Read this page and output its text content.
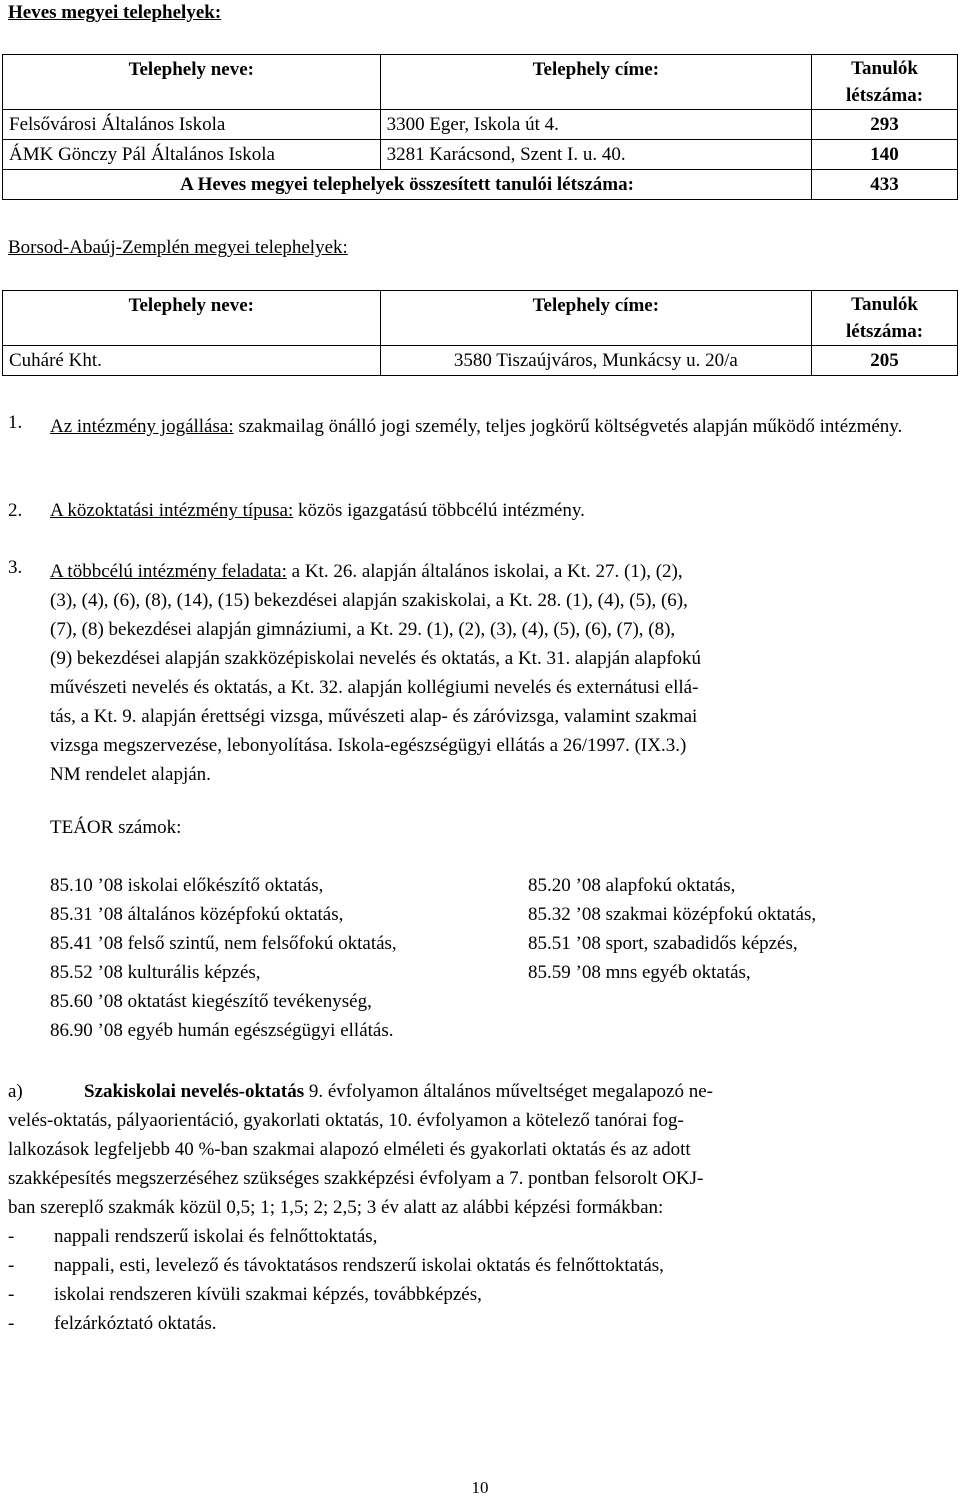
Heves megyei telephelyek:
Telephely neve:	Telephely címe:	Tanulók
létszáma:

Felsővárosi Általános Iskola	3300 Eger, Iskola út 4.	293
ÁMK Gönczy Pál Általános Iskola	3281 Karácsond, Szent I. u. 40.	140
A Heves megyei telephelyek összesített tanulói létszáma:		433
Borsod-Abaúj-Zemplén megyei telephelyek:
Telephely neve:	Telephely címe:	Tanulók
létszáma:

Cuháré Kht.	3580 Tiszaújváros, Munkácsy u. 20/a	205
1. Az intézmény jogállása: szakmailag önálló jogi személy, teljes jogkörű költségvetés alapján működő intézmény.
2. A közoktatási intézmény típusa: közös igazgatású többcélú intézmény.
3. A többcélú intézmény feladata: a Kt. 26. alapján általános iskolai, a Kt. 27. (1), (2),
(3), (4), (6), (8), (14), (15) bekezdései alapján szakiskolai, a Kt. 28. (1), (4), (5), (6),
(7), (8) bekezdései alapján gimnáziumi, a Kt. 29. (1), (2), (3), (4), (5), (6), (7), (8),
(9) bekezdései alapján szakközépiskolai nevelés és oktatás, a Kt. 31. alapján alapfokú
művészeti nevelés és oktatás, a Kt. 32. alapján kollégiumi nevelés és externátusi ellá-
tás, a Kt. 9. alapján érettségi vizsga, művészeti alap- és záróvizsga, valamint szakmai
vizsga megszervezése, lebonyolítása. Iskola-egészségügyi ellátás a 26/1997. (IX.3.)
NM rendelet alapján.
TEÁOR számok:
85.10 ’08 iskolai előkészítő oktatás,
85.31 ’08 általános középfokú oktatás,
85.41 ’08 felső szintű, nem felsőfokú oktatás,
85.52 ’08 kulturális képzés,
85.60 ’08 oktatást kiegészítő tevékenység,
86.90 ’08 egyéb humán egészségügyi ellátás.
85.20 ’08 alapfokú oktatás,
85.32 ’08 szakmai középfokú oktatás,
85.51 ’08 sport, szabadidős képzés,
85.59 ’08 mns egyéb oktatás,
a)	Szakiskolai nevelés-oktatás 9. évfolyamon általános műveltséget megalapozó ne-
velés-oktatás, pályaorientáció, gyakorlati oktatás, 10. évfolyamon a kötelező tanórai fog-
lalkozások legfeljebb 40 %-ban szakmai alapozó elméleti és gyakorlati oktatás és az adott
szakképesítés megszerzéséhez szükséges szakképzési évfolyam a 7. pontban felsorolt OKJ-
ban szereplő szakmák közül 0,5; 1; 1,5; 2; 2,5; 3 év alatt az alábbi képzési formákban:
- nappali rendszerű iskolai és felnőttoktatás,
- nappali, esti, levelező és távoktatásos rendszerű iskolai oktatás és felnőttoktatás,
- iskolai rendszeren kívüli szakmai képzés, továbbképzés,
- felzárkóztató oktatás.
10
